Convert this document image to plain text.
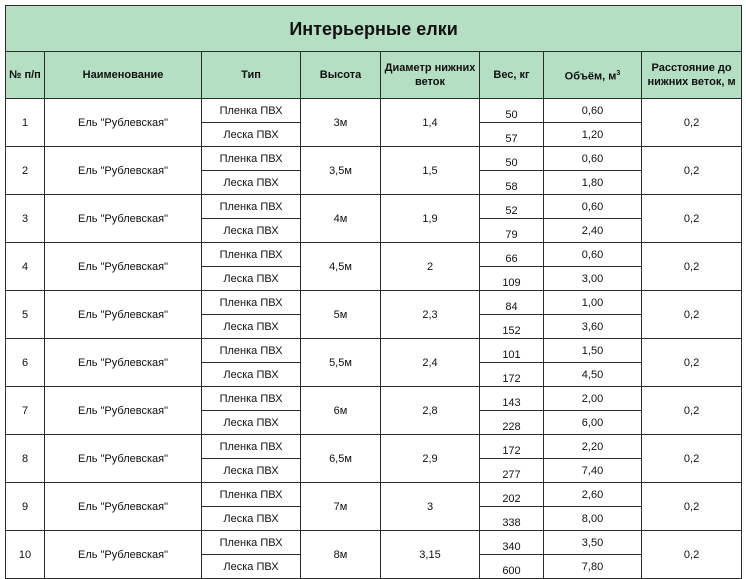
Интерьерные елки							
№ п/п	Наименование	Тип	Высота	Диаметр нижних веток	Вес, кг	Объём, $м^3$	Расстояние до нижних веток, м
1	Ель "Рублевская"	Пленка ПВХ	3м	1,4	50	0,60	0,2
		Леска ПВХ			57	1,20	
2	Ель "Рублевская"	Пленка ПВХ	3,5м	1,5	50	0,60	0,2
		Леска ПВХ			58	1,80	
3	Ель "Рублевская"	Пленка ПВХ	4м	1,9	52	0,60	0,2
		Леска ПВХ			79	2,40	
4	Ель "Рублевская"	Пленка ПВХ	4,5м	2	66	0,60	0,2
		Леска ПВХ			109	3,00	
5	Ель "Рублевская"	Пленка ПВХ	5м	2,3	84	1,00	0,2
		Леска ПВХ			152	3,60	
6	Ель "Рублевская"	Пленка ПВХ	5,5м	2,4	101	1,50	0,2
		Леска ПВХ			172	4,50	
7	Ель "Рублевская"	Пленка ПВХ	6м	2,8	143	2,00	0,2
		Леска ПВХ			228	6,00	
8	Ель "Рублевская"	Пленка ПВХ	6,5м	2,9	172	2,20	0,2
		Леска ПВХ			277	7,40	
9	Ель "Рублевская"	Пленка ПВХ	7м	3	202	2,60	0,2
		Леска ПВХ			338	8,00	
10	Ель "Рублевская"	Пленка ПВХ	8м	3,15	340	3,50	0,2
		Леска ПВХ			600	7,80	
